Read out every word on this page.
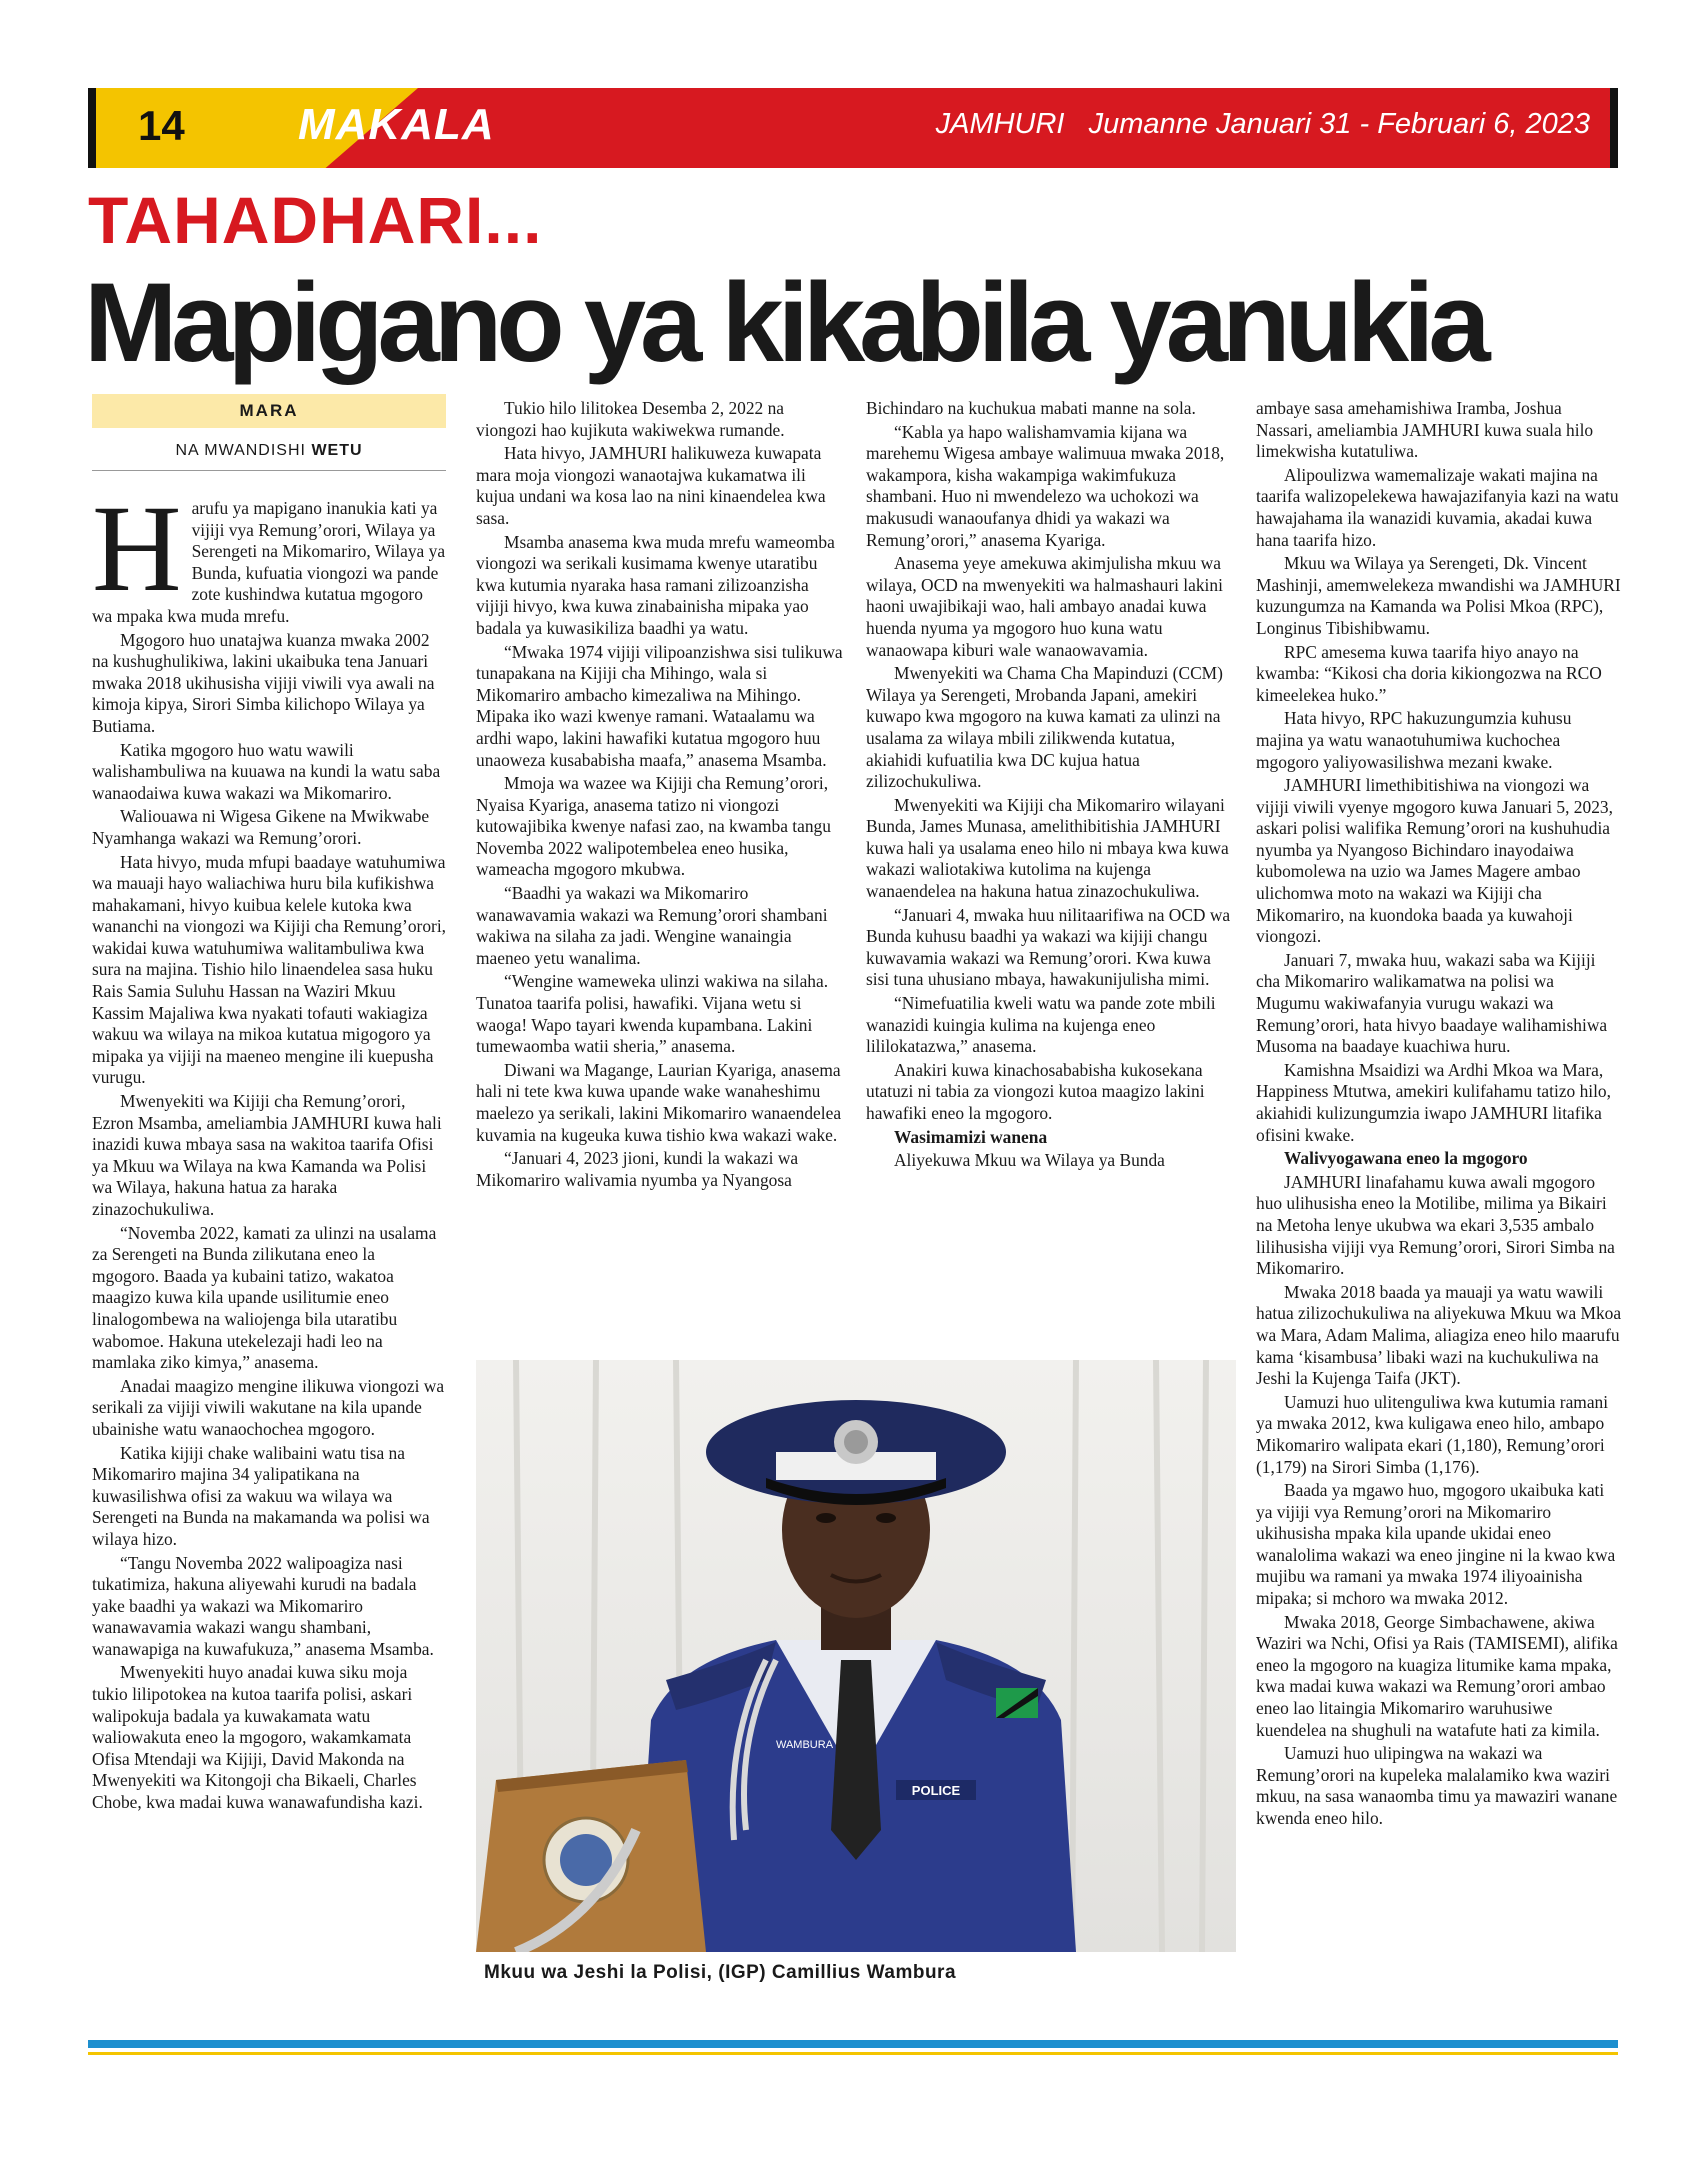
14	MAKALA	JAMHURI Jumanne Januari 31 - Februari 6, 2023
TAHADHARI...
Mapigano ya kikabila yanukia
MARA
NA MWANDISHI WETU
H arufu ya mapigano inanukia kati ya vijiji vya Remung’orori, Wilaya ya Serengeti na Mikomariro, Wilaya ya Bunda, kufuatia viongozi wa pande zote kushindwa kutatua mgogoro wa mpaka kwa muda mrefu.

Mgogoro huo unatajwa kuanza mwaka 2002 na kushughulikiwa, lakini ukaibuka tena Januari mwaka 2018 ukihusisha vijiji viwili vya awali na kimoja kipya, Sirori Simba kilichopo Wilaya ya Butiama.

Katika mgogoro huo watu wawili walishambuliwa na kuuawa na kundi la watu saba wanaodaiwa kuwa wakazi wa Mikomariro.

Waliouawa ni Wigesa Gikene na Mwikwabe Nyamhanga wakazi wa Remung’orori.

Hata hivyo, muda mfupi baadaye watuhumiwa wa mauaji hayo waliachiwa huru bila kufikishwa mahakamani, hivyo kuibua kelele kutoka kwa wananchi na viongozi wa Kijiji cha Remung’orori, wakidai kuwa watuhumiwa walitambuliwa kwa sura na majina. Tishio hilo linaendelea sasa huku Rais Samia Suluhu Hassan na Waziri Mkuu Kassim Majaliwa kwa nyakati tofauti wakiagiza wakuu wa wilaya na mikoa kutatua migogoro ya mipaka ya vijiji na maeneo mengine ili kuepusha vurugu.

Mwenyekiti wa Kijiji cha Remung’orori, Ezron Msamba, ameliambia JAMHURI kuwa hali inazidi kuwa mbaya sasa na wakitoa taarifa Ofisi ya Mkuu wa Wilaya na kwa Kamanda wa Polisi wa Wilaya, hakuna hatua za haraka zinazochukuliwa.

“Novemba 2022, kamati za ulinzi na usalama za Serengeti na Bunda zilikutana eneo la mgogoro. Baada ya kubaini tatizo, wakatoa maagizo kuwa kila upande usilitumie eneo linalogombewa na waliojenga bila utaratibu wabomoe. Hakuna utekelezaji hadi leo na mamlaka ziko kimya,” anasema.

Anadai maagizo mengine ilikuwa viongozi wa serikali za vijiji viwili wakutane na kila upande ubainishe watu wanaochochea mgogoro.

Katika kijiji chake walibaini watu tisa na Mikomariro majina 34 yalipatikana na kuwasilishwa ofisi za wakuu wa wilaya wa Serengeti na Bunda na makamanda wa polisi wa wilaya hizo.

“Tangu Novemba 2022 walipoagiza nasi tukatimiza, hakuna aliyewahi kurudi na badala yake baadhi ya wakazi wa Mikomariro wanawavamia wakazi wangu shambani, wanawapiga na kuwafukuza,” anasema Msamba.

Mwenyekiti huyo anadai kuwa siku moja tukio lilipotokea na kutoa taarifa polisi, askari walipokuja badala ya kuwakamata watu waliowakuta eneo la mgogoro, wakamkamata Ofisa Mtendaji wa Kijiji, David Makonda na Mwenyekiti wa Kitongoji cha Bikaeli, Charles Chobe, kwa madai kuwa wanawafundisha kazi.

Tukio hilo lilitokea Desemba 2, 2022 na viongozi hao kujikuta wakiwekwa rumande.

Hata hivyo, JAMHURI halikuweza kuwapata mara moja viongozi wanaotajwa kukamatwa ili kujua undani wa kosa lao na nini kinaendelea kwa sasa.

Msamba anasema kwa muda mrefu wameomba viongozi wa serikali kusimama kwenye utaratibu kwa kutumia nyaraka hasa ramani zilizoanzisha vijiji hivyo, kwa kuwa zinabainisha mipaka yao badala ya kuwasikiliza baadhi ya watu.

“Mwaka 1974 vijiji vilipoanzishwa sisi tulikuwa tunapakana na Kijiji cha Mihingo, wala si Mikomariro ambacho kimezaliwa na Mihingo. Mipaka iko wazi kwenye ramani. Wataalamu wa ardhi wapo, lakini hawafiki kutatua mgogoro huu unaoweza kusababisha maafa,” anasema Msamba.

Mmoja wa wazee wa Kijiji cha Remung’orori, Nyaisa Kyariga, anasema tatizo ni viongozi kutowajibika kwenye nafasi zao, na kwamba tangu Novemba 2022 walipotembelea eneo husika, wameacha mgogoro mkubwa.

“Baadhi ya wakazi wa Mikomariro wanawavamia wakazi wa Remung’orori shambani wakiwa na silaha za jadi. Wengine wanaingia maeneo yetu wanalima.

“Wengine wameweka ulinzi wakiwa na silaha. Tunatoa taarifa polisi, hawafiki. Vijana wetu si waoga! Wapo tayari kwenda kupambana. Lakini tumewaomba watii sheria,” anasema.

Diwani wa Magange, Laurian Kyariga, anasema hali ni tete kwa kuwa upande wake wanaheshimu maelezo ya serikali, lakini Mikomariro wanaendelea kuvamia na kugeuka kuwa tishio kwa wakazi wake.

“Januari 4, 2023 jioni, kundi la wakazi wa Mikomariro walivamia nyumba ya Nyangosa

Bichindaro na kuchukua mabati manne na sola.

“Kabla ya hapo walishamvamia kijana wa marehemu Wigesa ambaye walimuua mwaka 2018, wakampora, kisha wakampiga wakimfukuza shambani. Huo ni mwendelezo wa uchokozi wa makusudi wanaoufanya dhidi ya wakazi wa Remung’orori,” anasema Kyariga.

Anasema yeye amekuwa akimjulisha mkuu wa wilaya, OCD na mwenyekiti wa halmashauri lakini haoni uwajibikaji wao, hali ambayo anadai kuwa huenda nyuma ya mgogoro huo kuna watu wanaowapa kiburi wale wanaowavamia.

Mwenyekiti wa Chama Cha Mapinduzi (CCM) Wilaya ya Serengeti, Mrobanda Japani, amekiri kuwapo kwa mgogoro na kuwa kamati za ulinzi na usalama za wilaya mbili zilikwenda kutatua, akiahidi kufuatilia kwa DC kujua hatua zilizochukuliwa.

Mwenyekiti wa Kijiji cha Mikomariro wilayani Bunda, James Munasa, amelithibitishia JAMHURI kuwa hali ya usalama eneo hilo ni mbaya kwa kuwa wakazi waliotakiwa kutolima na kujenga wanaendelea na hakuna hatua zinazochukuliwa.

“Januari 4, mwaka huu nilitaarifiwa na OCD wa Bunda kuhusu baadhi ya wakazi wa kijiji changu kuwavamia wakazi wa Remung’orori. Kwa kuwa sisi tuna uhusiano mbaya, hawakunijulisha mimi.

“Nimefuatilia kweli watu wa pande zote mbili wanazidi kuingia kulima na kujenga eneo lililokatazwa,” anasema.

Anakiri kuwa kinachosababisha kukosekana utatuzi ni tabia za viongozi kutoa maagizo lakini hawafiki eneo la mgogoro.

Wasimamizi wanena

Aliyekuwa Mkuu wa Wilaya ya Bunda

ambaye sasa amehamishiwa Iramba, Joshua Nassari, ameliambia JAMHURI kuwa suala hilo limekwisha kutatuliwa.

Alipoulizwa wamemalizaje wakati majina na taarifa walizopelekewa hawajazifanyia kazi na watu hawajahama ila wanazidi kuvamia, akadai kuwa hana taarifa hizo.

Mkuu wa Wilaya ya Serengeti, Dk. Vincent Mashinji, amemwelekeza mwandishi wa JAMHURI kuzungumza na Kamanda wa Polisi Mkoa (RPC), Longinus Tibishibwamu.

RPC amesema kuwa taarifa hiyo anayo na kwamba: “Kikosi cha doria kikiongozwa na RCO kimeelekea huko.”

Hata hivyo, RPC hakuzungumzia kuhusu majina ya watu wanaotuhumiwa kuchochea mgogoro yaliyowasilishwa mezani kwake.

JAMHURI limethibitishiwa na viongozi wa vijiji viwili vyenye mgogoro kuwa Januari 5, 2023, askari polisi walifika Remung’orori na kushuhudia nyumba ya Nyangoso Bichindaro inayodaiwa kubomolewa na uzio wa James Magere ambao ulichomwa moto na wakazi wa Kijiji cha Mikomariro, na kuondoka baada ya kuwahoji viongozi.

Januari 7, mwaka huu, wakazi saba wa Kijiji cha Mikomariro walikamatwa na polisi wa Mugumu wakiwafanyia vurugu wakazi wa Remung’orori, hata hivyo baadaye walihamishiwa Musoma na baadaye kuachiwa huru.

Kamishna Msaidizi wa Ardhi Mkoa wa Mara, Happiness Mtutwa, amekiri kulifahamu tatizo hilo, akiahidi kulizungumzia iwapo JAMHURI litafika ofisini kwake.

Walivyogawana eneo la mgogoro

JAMHURI linafahamu kuwa awali mgogoro huo ulihusisha eneo la Motilibe, milima ya Bikairi na Metoha lenye ukubwa wa ekari 3,535 ambalo lilihusisha vijiji vya Remung’orori, Sirori Simba na Mikomariro.

Mwaka 2018 baada ya mauaji ya watu wawili hatua zilizochukuliwa na aliyekuwa Mkuu wa Mkoa wa Mara, Adam Malima, aliagiza eneo hilo maarufu kama ‘kisambusa’ libaki wazi na kuchukuliwa na Jeshi la Kujenga Taifa (JKT).

Uamuzi huo ulitenguliwa kwa kutumia ramani ya mwaka 2012, kwa kuligawa eneo hilo, ambapo Mikomariro walipata ekari (1,180), Remung’orori (1,179) na Sirori Simba (1,176).

Baada ya mgawo huo, mgogoro ukaibuka kati ya vijiji vya Remung’orori na Mikomariro ukihusisha mpaka kila upande ukidai eneo wanalolima wakazi wa eneo jingine ni la kwao kwa mujibu wa ramani ya mwaka 1974 iliyoainisha mipaka; si mchoro wa mwaka 2012.

Mwaka 2018, George Simbachawene, akiwa Waziri wa Nchi, Ofisi ya Rais (TAMISEMI), alifika eneo la mgogoro na kuagiza litumike kama mpaka, kwa madai kuwa wakazi wa Remung’orori ambao eneo lao litaingia Mikomariro waruhusiwe kuendelea na shughuli na watafute hati za kimila.

Uamuzi huo ulipingwa na wakazi wa Remung’orori na kupeleka malalamiko kwa waziri mkuu, na sasa wanaomba timu ya mawaziri wanane kwenda eneo hilo.

POLICE
WAMBURA
Mkuu wa Jeshi la Polisi, (IGP) Camillius Wambura
